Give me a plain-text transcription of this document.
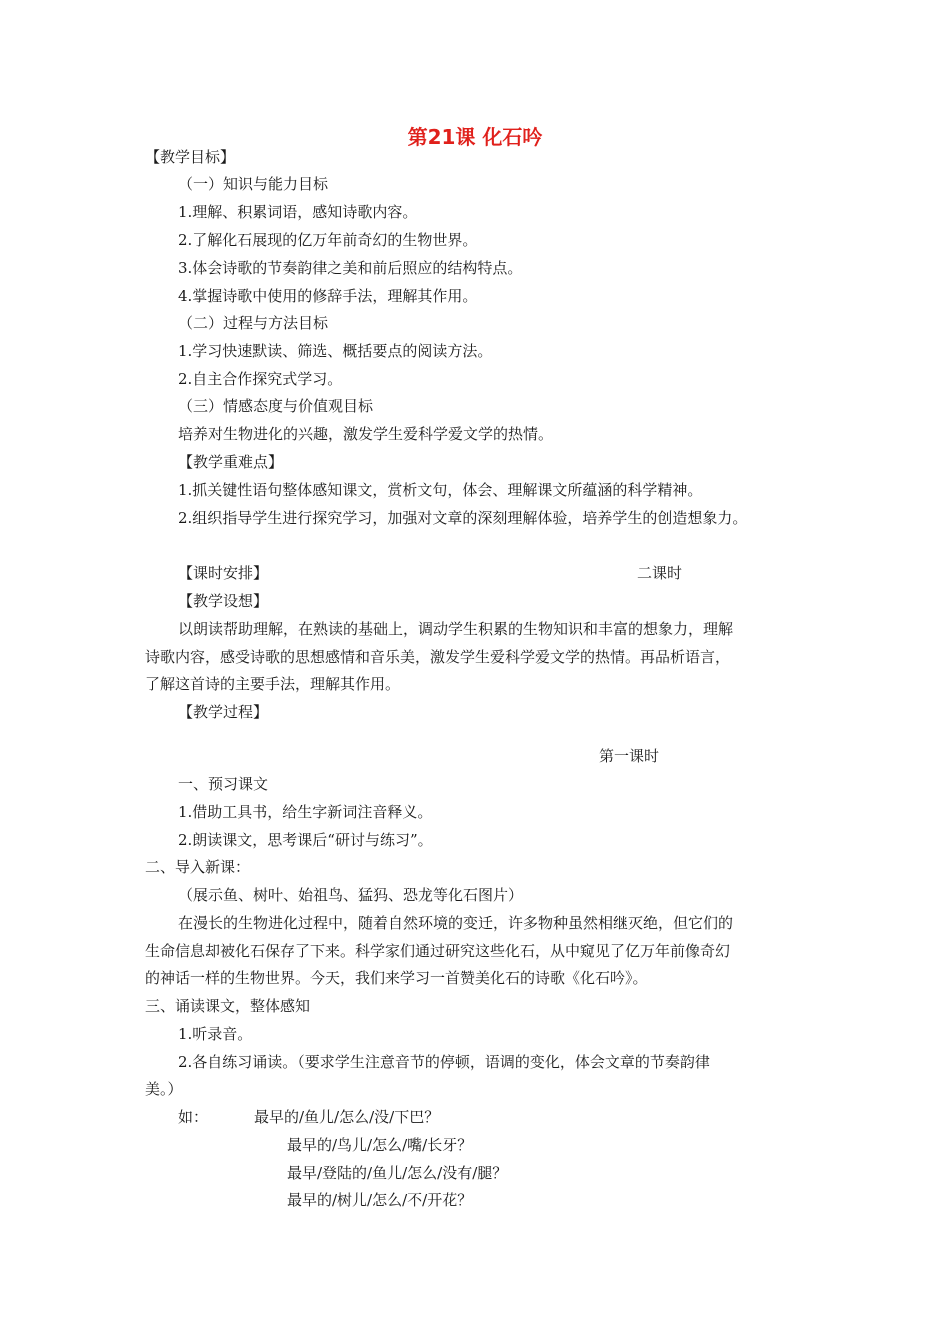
第21课 化石吟
【教学目标】
（一）知识与能力目标
1.理解、积累词语，感知诗歌内容。
2.了解化石展现的亿万年前奇幻的生物世界。
3.体会诗歌的节奏韵律之美和前后照应的结构特点。
4.掌握诗歌中使用的修辞手法，理解其作用。
（二）过程与方法目标
1.学习快速默读、筛选、概括要点的阅读方法。
2.自主合作探究式学习。
（三）情感态度与价值观目标
培养对生物进化的兴趣，激发学生爱科学爱文学的热情。
【教学重难点】
1.抓关键性语句整体感知课文，赏析文句，体会、理解课文所蕴涵的科学精神。
2.组织指导学生进行探究学习，加强对文章的深刻理解体验，培养学生的创造想象力。
【课时安排】	二课时
【教学设想】
以朗读帮助理解，在熟读的基础上，调动学生积累的生物知识和丰富的想象力，理解
诗歌内容，感受诗歌的思想感情和音乐美，激发学生爱科学爱文学的热情。再品析语言，
了解这首诗的主要手法，理解其作用。
【教学过程】
第一课时
一、预习课文
1.借助工具书，给生字新词注音释义。
2.朗读课文，思考课后“研讨与练习”。
二、导入新课：
（展示鱼、树叶、始祖鸟、猛犸、恐龙等化石图片）
在漫长的生物进化过程中，随着自然环境的变迁，许多物种虽然相继灭绝，但它们的
生命信息却被化石保存了下来。科学家们通过研究这些化石，从中窥见了亿万年前像奇幻
的神话一样的生物世界。今天，我们来学习一首赞美化石的诗歌《化石吟》。
三、诵读课文，整体感知
1.听录音。
2.各自练习诵读。（要求学生注意音节的停顿，语调的变化，体会文章的节奏韵律
美。）
如：	最早的/鱼儿/怎么/没/下巴？
最早的/鸟儿/怎么/嘴/长牙？
最早/登陆的/鱼儿/怎么/没有/腿？
最早的/树儿/怎么/不/开花？
